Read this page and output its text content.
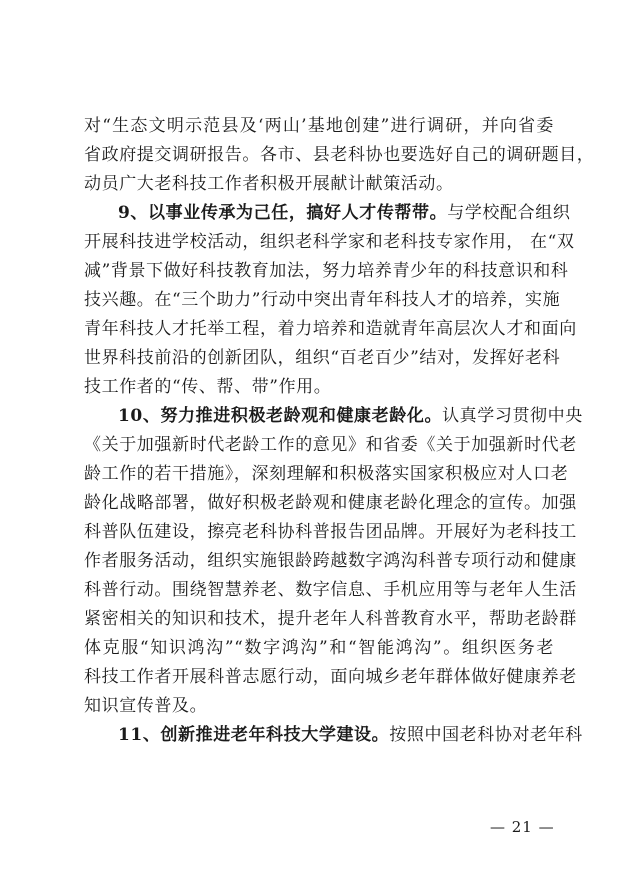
对“生态文明示范县及‘两山’基地创建”进行调研，并向省委
省政府提交调研报告。各市、县老科协也要选好自己的调研题目，
动员广大老科技工作者积极开展献计献策活动。
9、以事业传承为己任，搞好人才传帮带。与学校配合组织
开展科技进学校活动，组织老科学家和老科技专家作用， 在“双
减”背景下做好科技教育加法，努力培养青少年的科技意识和科
技兴趣。在“三个助力”行动中突出青年科技人才的培养，实施
青年科技人才托举工程，着力培养和造就青年高层次人才和面向
世界科技前沿的创新团队，组织“百老百少”结对，发挥好老科
技工作者的“传、帮、带”作用。
10、努力推进积极老龄观和健康老龄化。认真学习贯彻中央
《关于加强新时代老龄工作的意见》和省委《关于加强新时代老
龄工作的若干措施》，深刻理解和积极落实国家积极应对人口老
龄化战略部署，做好积极老龄观和健康老龄化理念的宣传。加强
科普队伍建设，擦亮老科协科普报告团品牌。开展好为老科技工
作者服务活动，组织实施银龄跨越数字鸿沟科普专项行动和健康
科普行动。围绕智慧养老、数字信息、手机应用等与老年人生活
紧密相关的知识和技术，提升老年人科普教育水平，帮助老龄群
体克服“知识鸿沟”“数字鸿沟”和“智能鸿沟”。组织医务老
科技工作者开展科普志愿行动，面向城乡老年群体做好健康养老
知识宣传普及。
11、创新推进老年科技大学建设。按照中国老科协对老年科
— 21 —
